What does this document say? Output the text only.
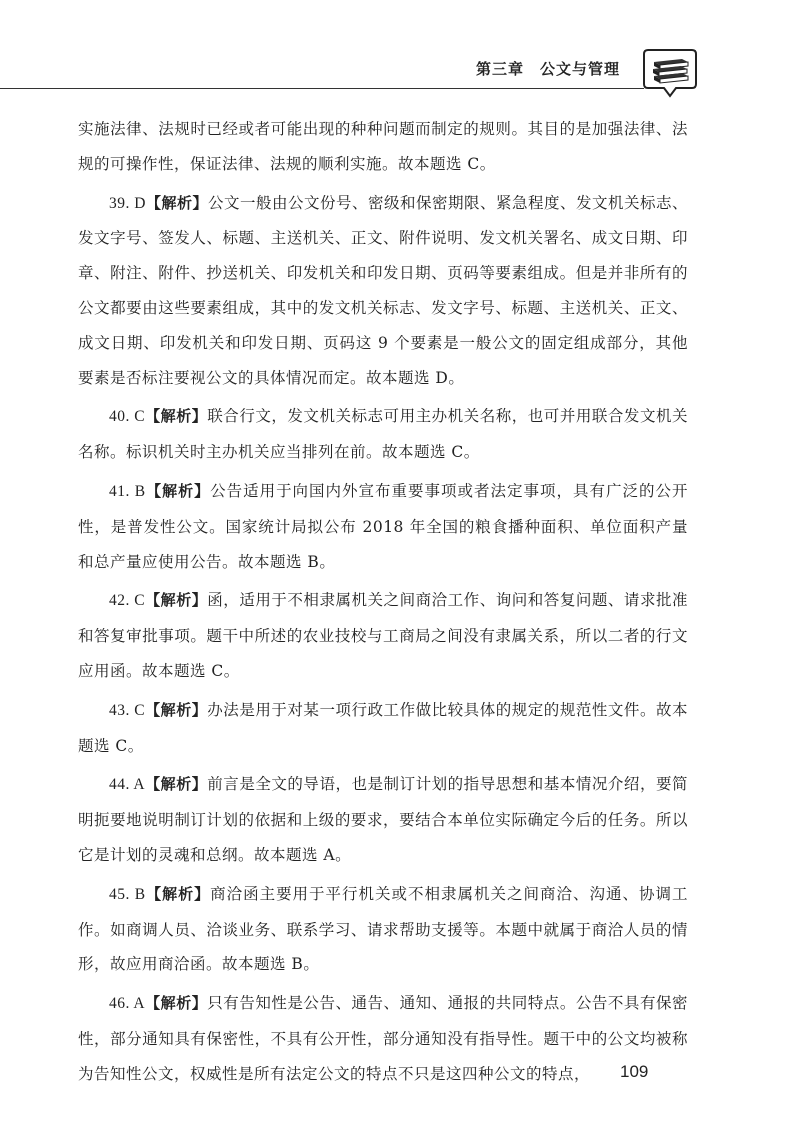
第三章　公文与管理

实施法律、法规时已经或者可能出现的种种问题而制定的规则。其目的是加强法律、法规的可操作性，保证法律、法规的顺利实施。故本题选 C。

39. D【解析】公文一般由公文份号、密级和保密期限、紧急程度、发文机关标志、发文字号、签发人、标题、主送机关、正文、附件说明、发文机关署名、成文日期、印章、附注、附件、抄送机关、印发机关和印发日期、页码等要素组成。但是并非所有的公文都要由这些要素组成，其中的发文机关标志、发文字号、标题、主送机关、正文、成文日期、印发机关和印发日期、页码这 9 个要素是一般公文的固定组成部分，其他要素是否标注要视公文的具体情况而定。故本题选 D。

40. C【解析】联合行文，发文机关标志可用主办机关名称，也可并用联合发文机关名称。标识机关时主办机关应当排列在前。故本题选 C。

41. B【解析】公告适用于向国内外宣布重要事项或者法定事项，具有广泛的公开性，是普发性公文。国家统计局拟公布 2018 年全国的粮食播种面积、单位面积产量和总产量应使用公告。故本题选 B。

42. C【解析】函，适用于不相隶属机关之间商洽工作、询问和答复问题、请求批准和答复审批事项。题干中所述的农业技校与工商局之间没有隶属关系，所以二者的行文应用函。故本题选 C。

43. C【解析】办法是用于对某一项行政工作做比较具体的规定的规范性文件。故本题选 C。

44. A【解析】前言是全文的导语，也是制订计划的指导思想和基本情况介绍，要简明扼要地说明制订计划的依据和上级的要求，要结合本单位实际确定今后的任务。所以它是计划的灵魂和总纲。故本题选 A。

45. B【解析】商洽函主要用于平行机关或不相隶属机关之间商洽、沟通、协调工作。如商调人员、洽谈业务、联系学习、请求帮助支援等。本题中就属于商洽人员的情形，故应用商洽函。故本题选 B。

46. A【解析】只有告知性是公告、通告、通知、通报的共同特点。公告不具有保密性，部分通知具有保密性，不具有公开性，部分通知没有指导性。题干中的公文均被称为告知性公文，权威性是所有法定公文的特点不只是这四种公文的特点，	109
